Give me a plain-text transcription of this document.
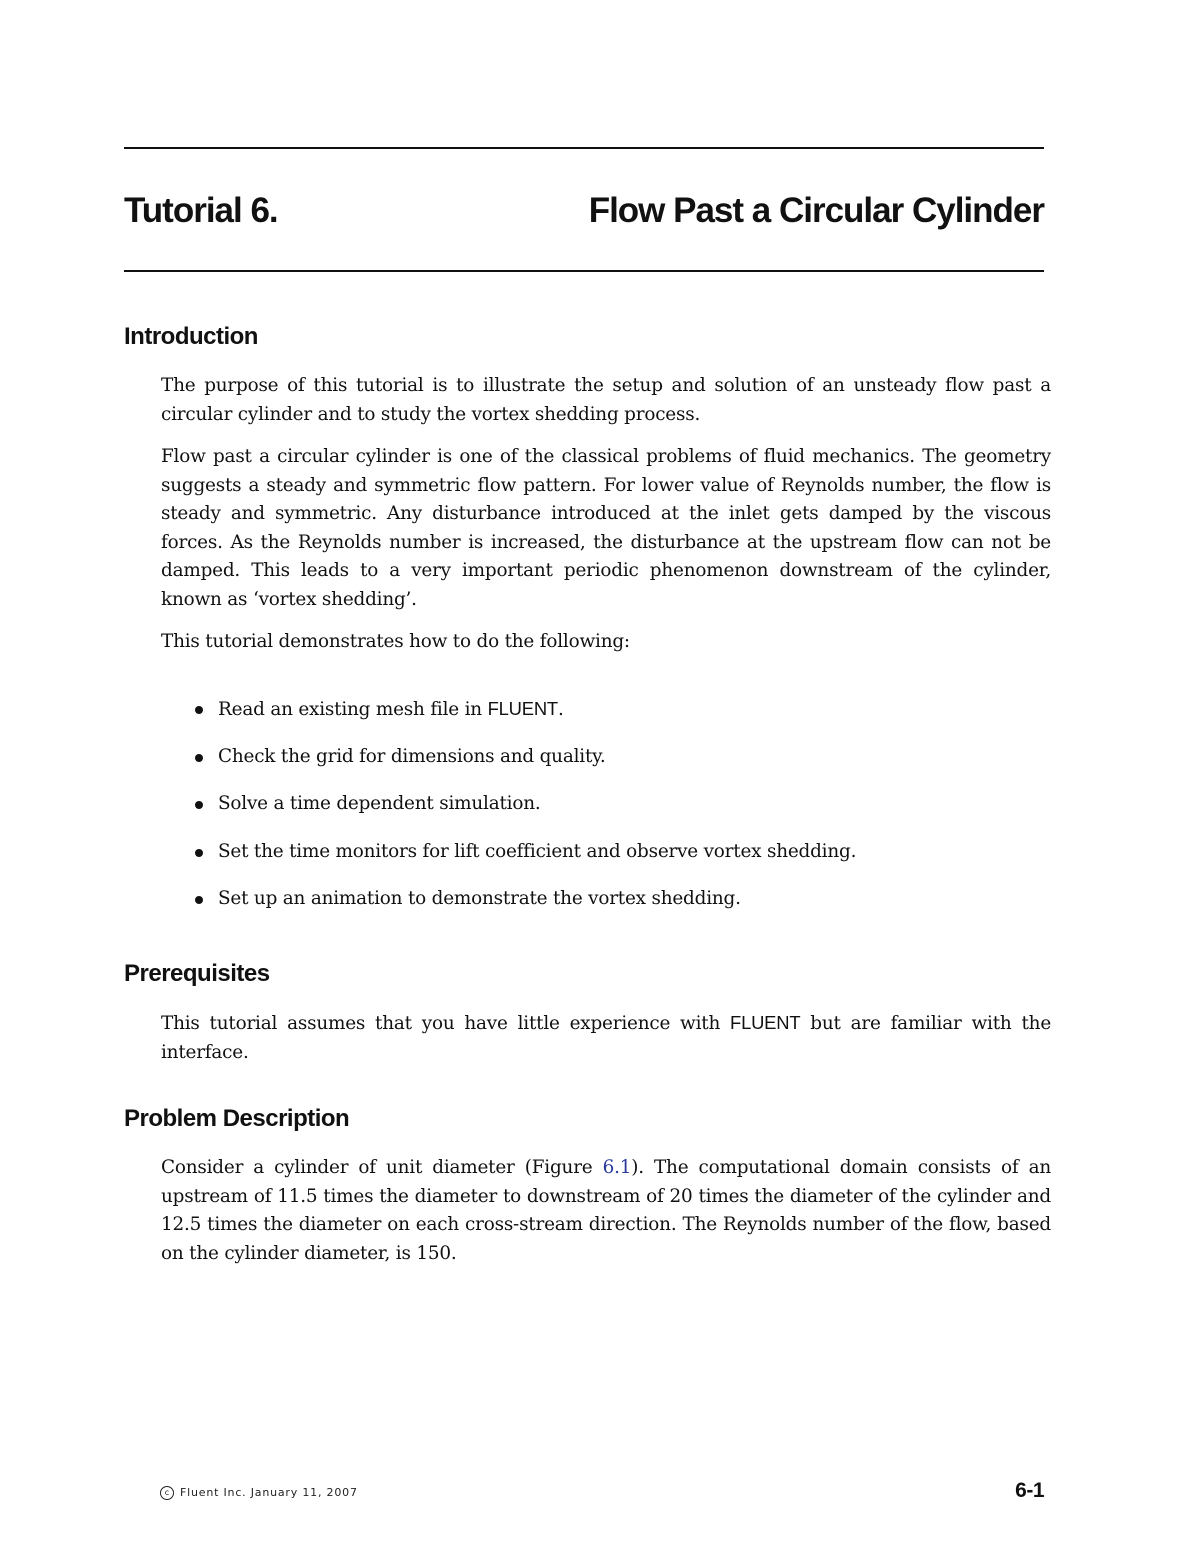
Tutorial 6.	Flow Past a Circular Cylinder
Introduction

The purpose of this tutorial is to illustrate the setup and solution of an unsteady flow past a circular cylinder and to study the vortex shedding process.

Flow past a circular cylinder is one of the classical problems of fluid mechanics. The geometry suggests a steady and symmetric flow pattern. For lower value of Reynolds number, the flow is steady and symmetric. Any disturbance introduced at the inlet gets damped by the viscous forces. As the Reynolds number is increased, the disturbance at the upstream flow can not be damped. This leads to a very important periodic phenomenon downstream of the cylinder, known as ‘vortex shedding’.

This tutorial demonstrates how to do the following:

Read an existing mesh file in FLUENT.
Check the grid for dimensions and quality.
Solve a time dependent simulation.
Set the time monitors for lift coefficient and observe vortex shedding.
Set up an animation to demonstrate the vortex shedding.
Prerequisites

This tutorial assumes that you have little experience with FLUENT but are familiar with the interface.

Problem Description

Consider a cylinder of unit diameter (Figure 6.1). The computational domain consists of an upstream of 11.5 times the diameter to downstream of 20 times the diameter of the cylinder and 12.5 times the diameter on each cross-stream direction. The Reynolds number of the flow, based on the cylinder diameter, is 150.

c Fluent Inc. January 11, 2007	6-1
